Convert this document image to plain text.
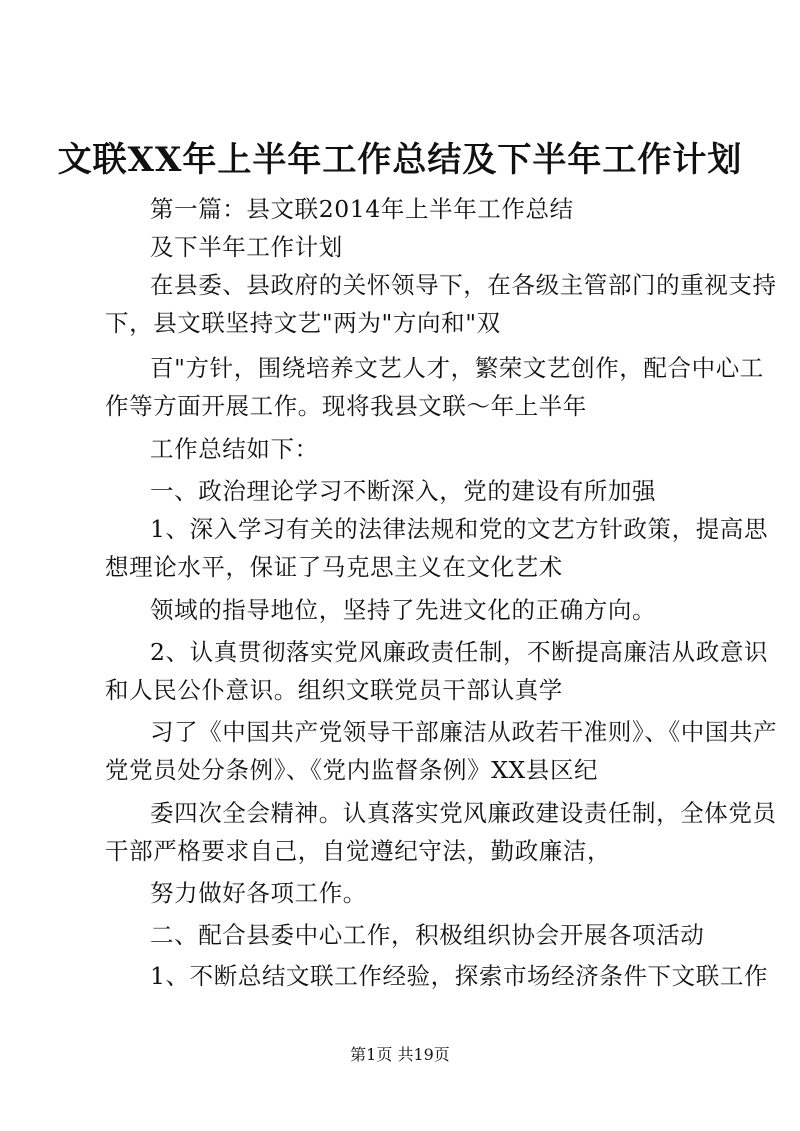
文联XX年上半年工作总结及下半年工作计划
第一篇：县文联2014年上半年工作总结
及下半年工作计划
在县委、县政府的关怀领导下，在各级主管部门的重视支持
下，县文联坚持文艺"两为"方向和"双
百"方针，围绕培养文艺人才，繁荣文艺创作，配合中心工
作等方面开展工作。现将我县文联～年上半年
工作总结如下：
一、政治理论学习不断深入，党的建设有所加强
1、深入学习有关的法律法规和党的文艺方针政策，提高思
想理论水平，保证了马克思主义在文化艺术
领域的指导地位，坚持了先进文化的正确方向。
2、认真贯彻落实党风廉政责任制，不断提高廉洁从政意识
和人民公仆意识。组织文联党员干部认真学
习了《中国共产党领导干部廉洁从政若干准则》、《中国共产
党党员处分条例》、《党内监督条例》XX县区纪
委四次全会精神。认真落实党风廉政建设责任制，全体党员
干部严格要求自己，自觉遵纪守法，勤政廉洁，
努力做好各项工作。
二、配合县委中心工作，积极组织协会开展各项活动
1、不断总结文联工作经验，探索市场经济条件下文联工作
第1页 共19页
